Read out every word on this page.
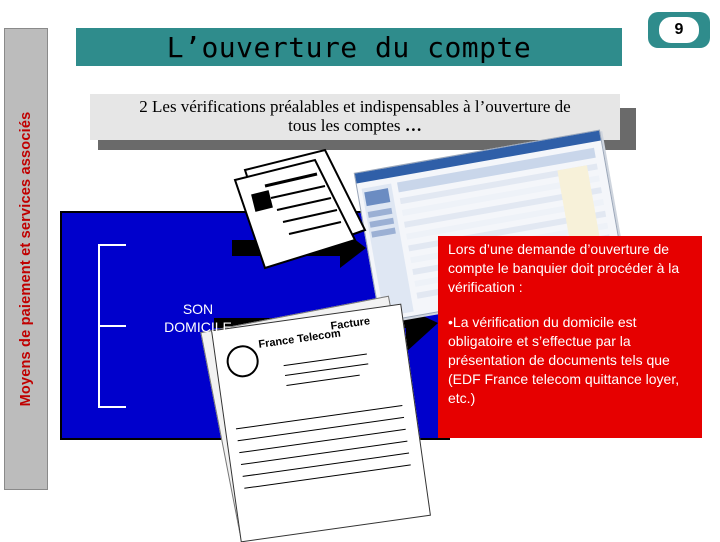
Moyens de paiement et services associés
L’ouverture du compte
9
2 Les vérifications préalables et indispensables à l’ouverture de
tous les comptes …
France Telecom
Facture
SON
DOMICILE

Lors d’une demande d’ouverture de compte le banquier doit procéder à la vérification :

•La vérification du domicile est obligatoire et s’effectue par la présentation de documents tels que (EDF France telecom quittance loyer, etc.)
